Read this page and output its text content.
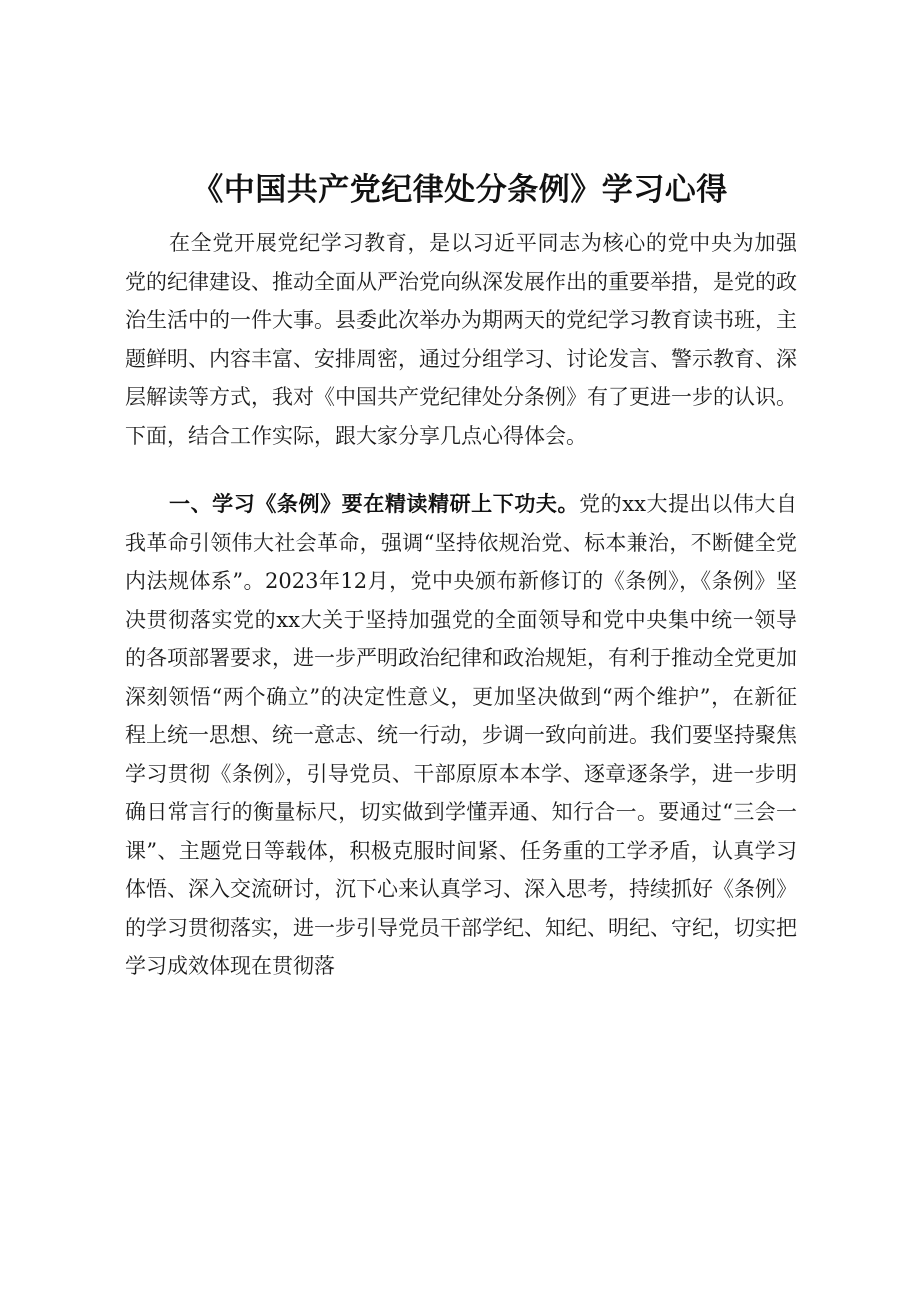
《中国共产党纪律处分条例》学习心得
在全党开展党纪学习教育，是以习近平同志为核心的党中央为加强党的纪律建设、推动全面从严治党向纵深发展作出的重要举措，是党的政治生活中的一件大事。县委此次举办为期两天的党纪学习教育读书班，主题鲜明、内容丰富、安排周密，通过分组学习、讨论发言、警示教育、深层解读等方式，我对《中国共产党纪律处分条例》有了更进一步的认识。下面，结合工作实际，跟大家分享几点心得体会。
一、学习《条例》要在精读精研上下功夫。党的xx大提出以伟大自我革命引领伟大社会革命，强调“坚持依规治党、标本兼治，不断健全党内法规体系”。2023年12月，党中央颁布新修订的《条例》，《条例》坚决贯彻落实党的xx大关于坚持加强党的全面领导和党中央集中统一领导的各项部署要求，进一步严明政治纪律和政治规矩，有利于推动全党更加深刻领悟“两个确立”的决定性意义，更加坚决做到“两个维护”，在新征程上统一思想、统一意志、统一行动，步调一致向前进。我们要坚持聚焦学习贯彻《条例》，引导党员、干部原原本本学、逐章逐条学，进一步明确日常言行的衡量标尺，切实做到学懂弄通、知行合一。要通过“三会一课”、主题党日等载体，积极克服时间紧、任务重的工学矛盾，认真学习体悟、深入交流研讨，沉下心来认真学习、深入思考，持续抓好《条例》的学习贯彻落实，进一步引导党员干部学纪、知纪、明纪、守纪，切实把学习成效体现在贯彻落
